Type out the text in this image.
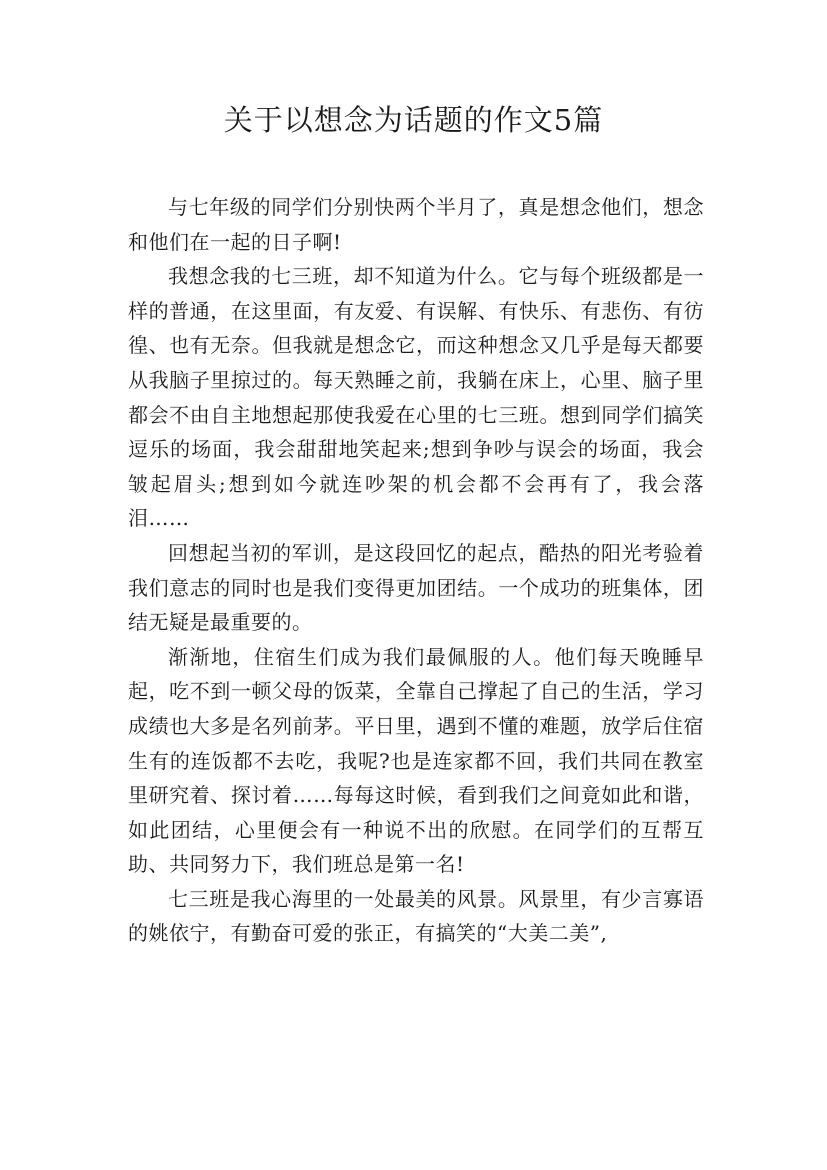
关于以想念为话题的作文5篇

与七年级的同学们分别快两个半月了，真是想念他们，想念和他们在一起的日子啊!

我想念我的七三班，却不知道为什么。它与每个班级都是一样的普通，在这里面，有友爱、有误解、有快乐、有悲伤、有彷徨、也有无奈。但我就是想念它，而这种想念又几乎是每天都要从我脑子里掠过的。每天熟睡之前，我躺在床上，心里、脑子里都会不由自主地想起那使我爱在心里的七三班。想到同学们搞笑逗乐的场面，我会甜甜地笑起来;想到争吵与误会的场面，我会皱起眉头;想到如今就连吵架的机会都不会再有了，我会落泪……

回想起当初的军训，是这段回忆的起点，酷热的阳光考验着我们意志的同时也是我们变得更加团结。一个成功的班集体，团结无疑是最重要的。

渐渐地，住宿生们成为我们最佩服的人。他们每天晚睡早起，吃不到一顿父母的饭菜，全靠自己撑起了自己的生活，学习成绩也大多是名列前茅。平日里，遇到不懂的难题，放学后住宿生有的连饭都不去吃，我呢?也是连家都不回，我们共同在教室里研究着、探讨着……每每这时候，看到我们之间竟如此和谐，如此团结，心里便会有一种说不出的欣慰。在同学们的互帮互助、共同努力下，我们班总是第一名!

七三班是我心海里的一处最美的风景。风景里，有少言寡语的姚依宁，有勤奋可爱的张正，有搞笑的“大美二美”,
